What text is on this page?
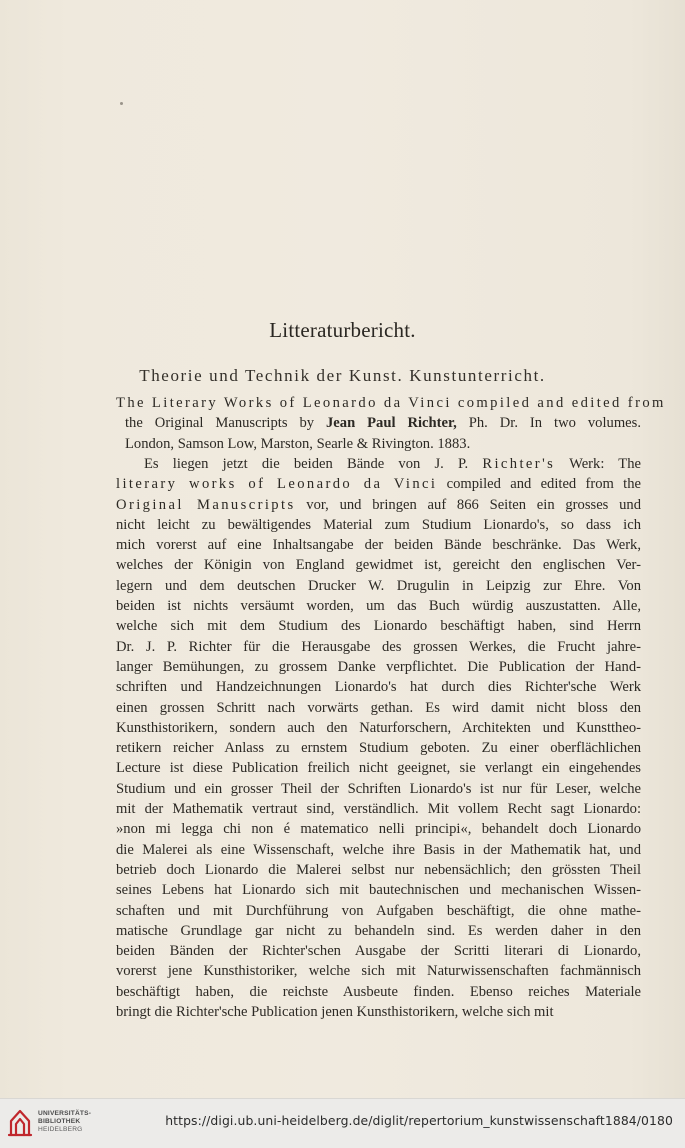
Litteraturbericht.
Theorie und Technik der Kunst. Kunstunterricht.
The Literary Works of Leonardo da Vinci compiled and edited from
the Original Manuscripts by Jean Paul Richter, Ph. Dr. In two volumes.
London, Samson Low, Marston, Searle & Rivington. 1883.
Es liegen jetzt die beiden Bände von J. P. Richter's Werk: The
literary works of Leonardo da Vinci compiled and edited from the
Original Manuscripts vor, und bringen auf 866 Seiten ein grosses und
nicht leicht zu bewältigendes Material zum Studium Lionardo's, so dass ich
mich vorerst auf eine Inhaltsangabe der beiden Bände beschränke. Das Werk,
welches der Königin von England gewidmet ist, gereicht den englischen Ver-
legern und dem deutschen Drucker W. Drugulin in Leipzig zur Ehre. Von
beiden ist nichts versäumt worden, um das Buch würdig auszustatten. Alle,
welche sich mit dem Studium des Lionardo beschäftigt haben, sind Herrn
Dr. J. P. Richter für die Herausgabe des grossen Werkes, die Frucht jahre-
langer Bemühungen, zu grossem Danke verpflichtet. Die Publication der Hand-
schriften und Handzeichnungen Lionardo's hat durch dies Richter'sche Werk
einen grossen Schritt nach vorwärts gethan. Es wird damit nicht bloss den
Kunsthistorikern, sondern auch den Naturforschern, Architekten und Kunsttheo-
retikern reicher Anlass zu ernstem Studium geboten. Zu einer oberflächlichen
Lecture ist diese Publication freilich nicht geeignet, sie verlangt ein eingehendes
Studium und ein grosser Theil der Schriften Lionardo's ist nur für Leser, welche
mit der Mathematik vertraut sind, verständlich. Mit vollem Recht sagt Lionardo:
»non mi legga chi non é matematico nelli principi«, behandelt doch Lionardo
die Malerei als eine Wissenschaft, welche ihre Basis in der Mathematik hat, und
betrieb doch Lionardo die Malerei selbst nur nebensächlich; den grössten Theil
seines Lebens hat Lionardo sich mit bautechnischen und mechanischen Wissen-
schaften und mit Durchführung von Aufgaben beschäftigt, die ohne mathe-
matische Grundlage gar nicht zu behandeln sind. Es werden daher in den
beiden Bänden der Richter'schen Ausgabe der Scritti literari di Lionardo,
vorerst jene Kunsthistoriker, welche sich mit Naturwissenschaften fachmännisch
beschäftigt haben, die reichste Ausbeute finden. Ebenso reiches Materiale
bringt die Richter'sche Publication jenen Kunsthistorikern, welche sich mit
UNIVERSITÄTS-
BIBLIOTHEK
HEIDELBERG
https://digi.ub.uni-heidelberg.de/diglit/repertorium_kunstwissenschaft1884/0180
